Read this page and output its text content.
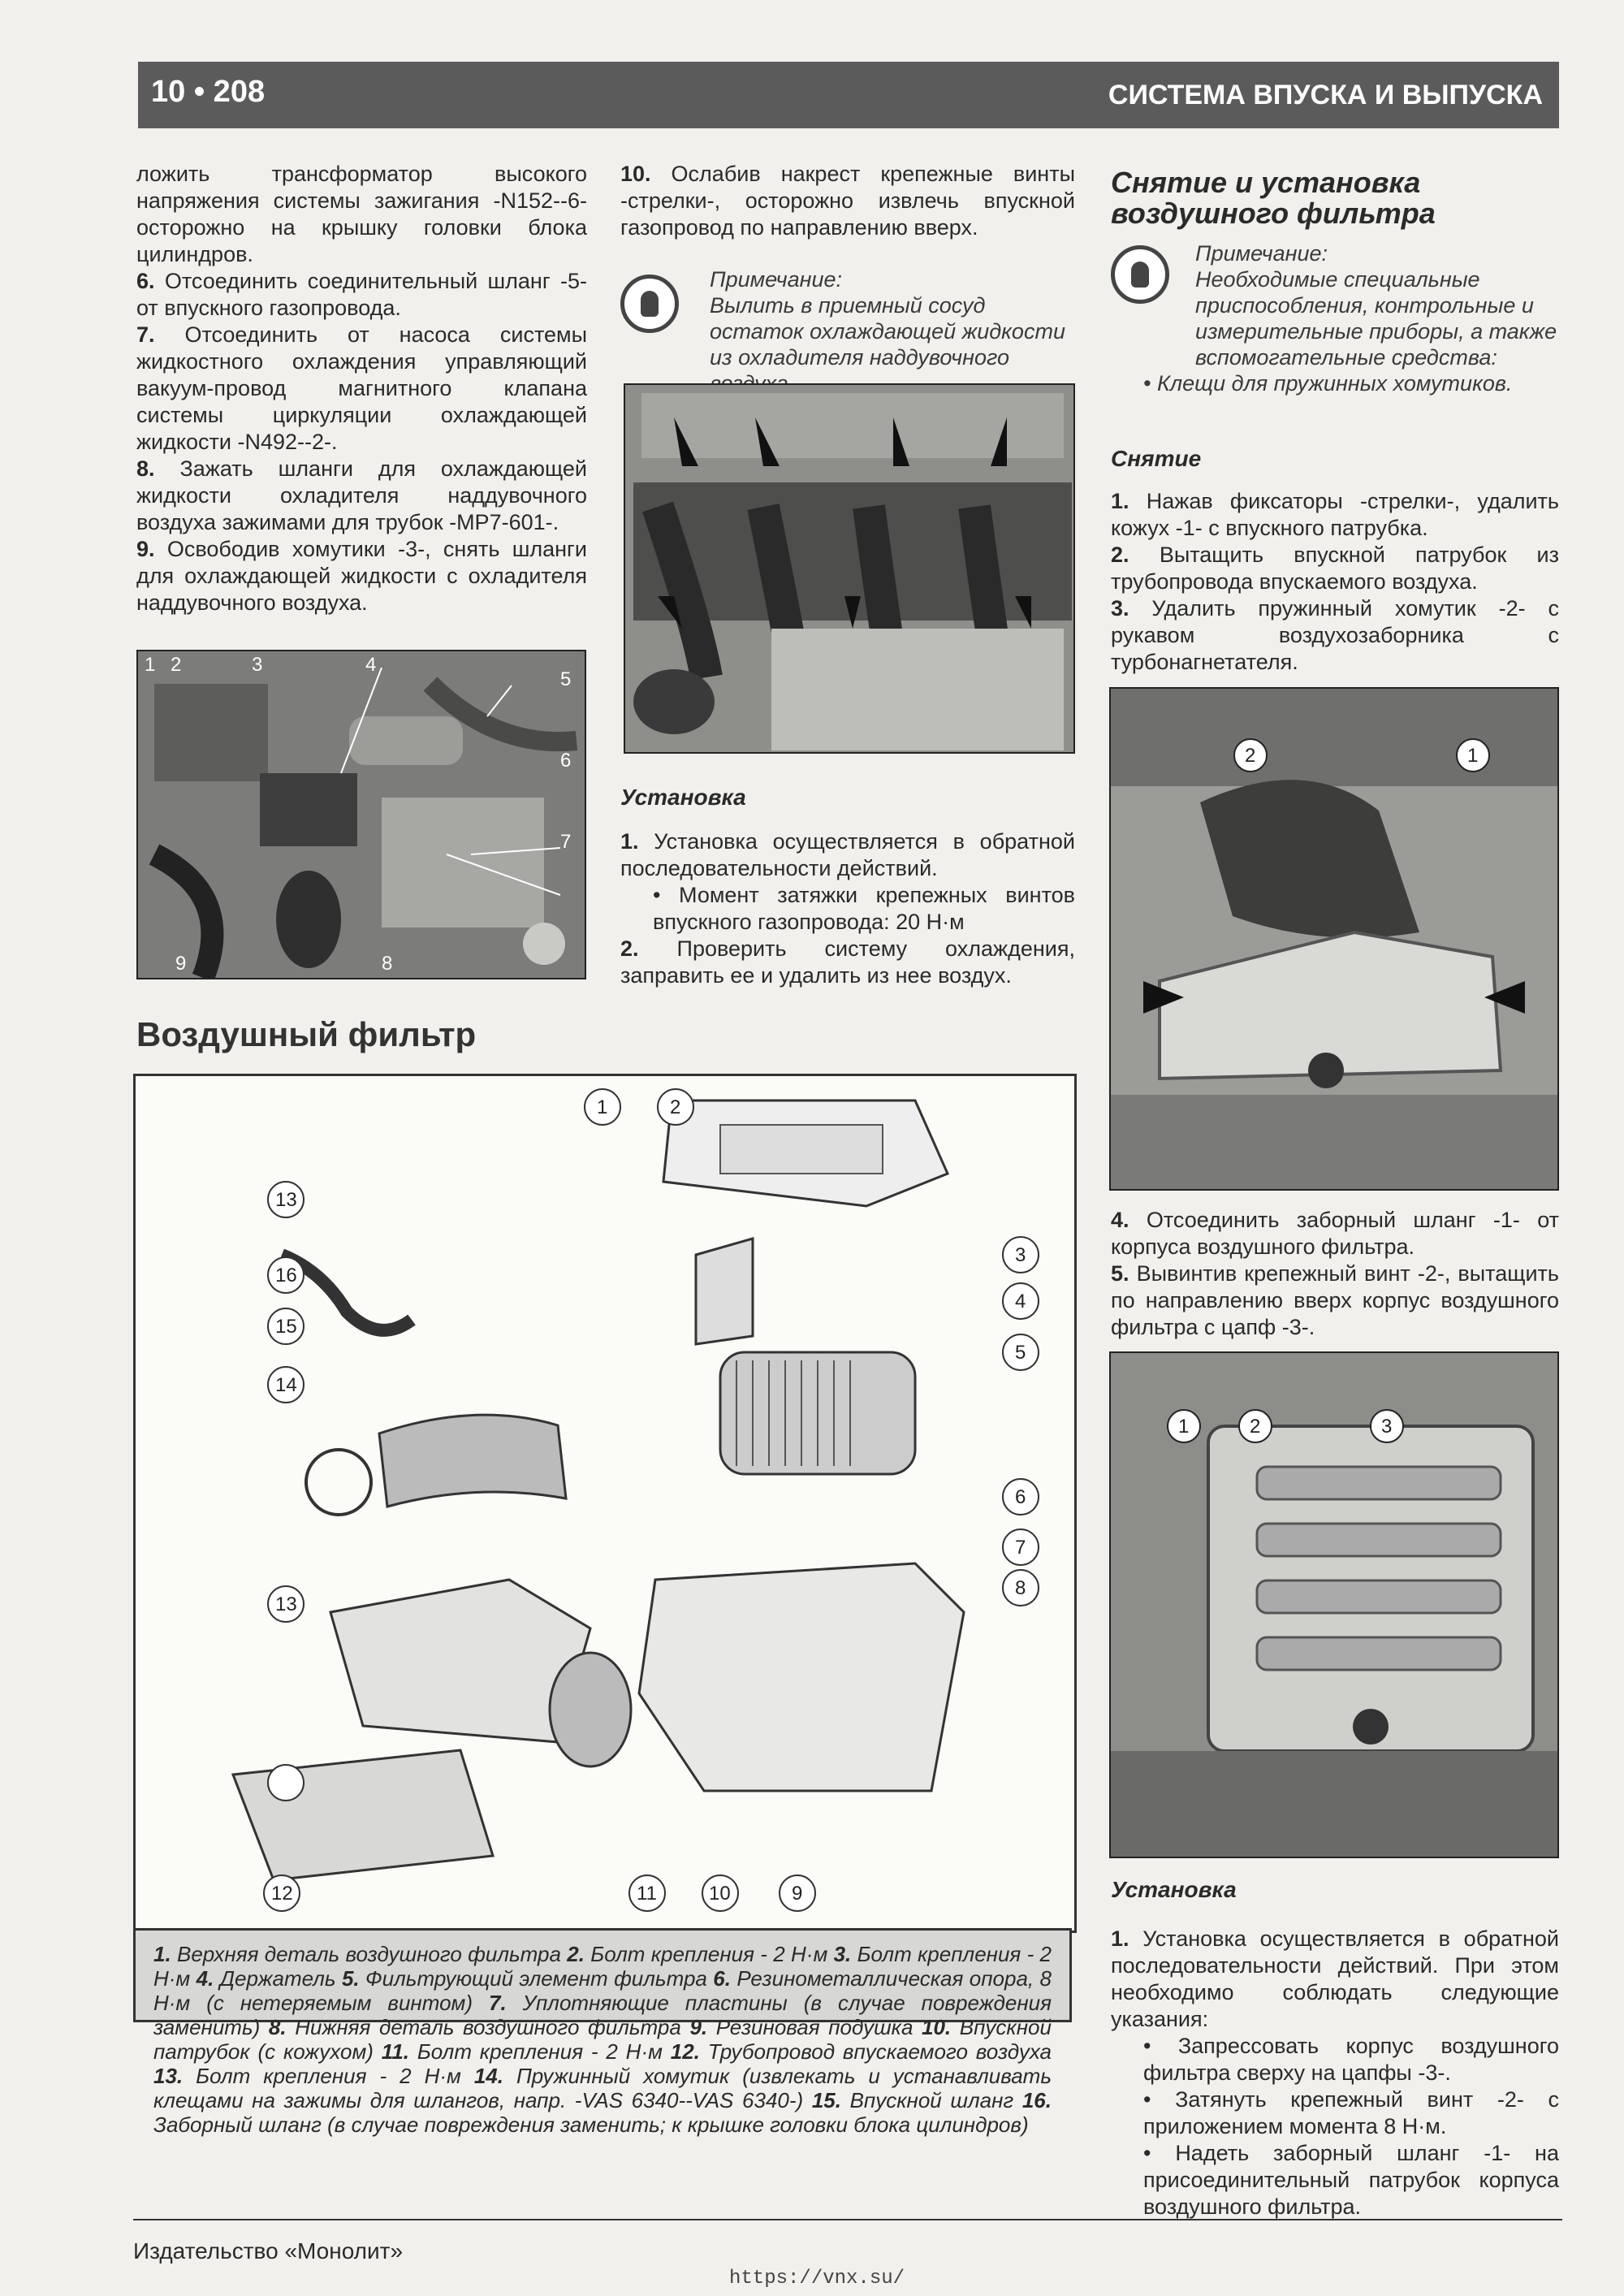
10 • 208	СИСТЕМА ВПУСКА И ВЫПУСКА

ложить трансформатор высокого напряжения системы зажигания -N152--6- осторожно на крышку головки блока цилиндров.

6. Отсоединить соединительный шланг -5- от впускного газопровода.

7. Отсоединить от насоса системы жидкостного охлаждения управляющий вакуум-провод магнитного клапана системы циркуляции охлаждающей жидкости -N492--2-.

8. Зажать шланги для охлаждающей жидкости охладителя наддувочного воздуха зажимами для трубок -MP7-601-.

9. Освободив хомутики -3-, снять шланги для охлаждающей жидкости с охладителя наддувочного воздуха.

1 2	3	4
5
6
7
8
9

10. Ослабив накрест крепежные винты -стрелки-, осторожно извлечь впускной газопровод по направлению вверх.

Примечание:
Вылить в приемный сосуд остаток охлаждающей жидкости из охладителя наддувочного

Установка

1. Установка осуществляется в обратной последовательности действий.

• Момент затяжки крепежных винтов впускного газопровода: 20 Н·м

2. Проверить систему охлаждения, заправить ее и удалить из нее воздух.

Снятие и установка

воздушного фильтра

Примечание:
Необходимые специальные приспособления, контрольные и измерительные приборы, а также вспомогательные средства:
• Клещи для пружинных хомутиков.

Снятие

1. Нажав фиксаторы -стрелки-, удалить кожух -1- с впускного патрубка.

2. Вытащить впускной патрубок из трубопровода впускаемого воздуха.

3. Удалить пружинный хомутик -2- с рукавом воздухозаборника с турбонагнетателя.

2	1

4. Отсоединить заборный шланг -1- от корпуса воздушного фильтра.

5. Вывинтив крепежный винт -2-, вытащить по направлению вверх корпус воздушного фильтра с цапф -3-.

1	2	3

Установка

1. Установка осуществляется в обратной последовательности действий. При этом необходимо соблюдать следующие указания:

• Запрессовать корпус воздушного фильтра сверху на цапфы -3-.

• Затянуть крепежный винт -2- с приложением момента 8 Н·м.

• Надеть заборный шланг -1- на присоединительный патрубок корпуса воздушного фильтра.

Воздушный фильтр
1	2
3
4
5
6
7
8
9
10
11
12
13
13
14
15
16
1. Верхняя деталь воздушного фильтра 2. Болт крепления - 2 Н·м 3. Болт крепления - 2 Н·м 4. Держатель 5. Фильтрующий элемент фильтра 6. Резинометаллическая опора, 8 Н·м (с нетеряемым винтом) 7. Уплотняющие пластины (в случае повреждения заменить) 8. Нижняя деталь воздушного фильтра 9. Резиновая подушка 10. Впускной патрубок (с кожухом) 11. Болт крепления - 2 Н·м 12. Трубопровод впускаемого воздуха 13. Болт крепления - 2 Н·м 14. Пружинный хомутик (извлекать и устанавливать клещами на зажимы для шлангов, напр. -VAS 6340--VAS 6340-) 15. Впускной шланг 16. Заборный шланг (в случае повреждения заменить; к крышке головки блока цилиндров)
Издательство «Монолит»
https://vnx.su/
